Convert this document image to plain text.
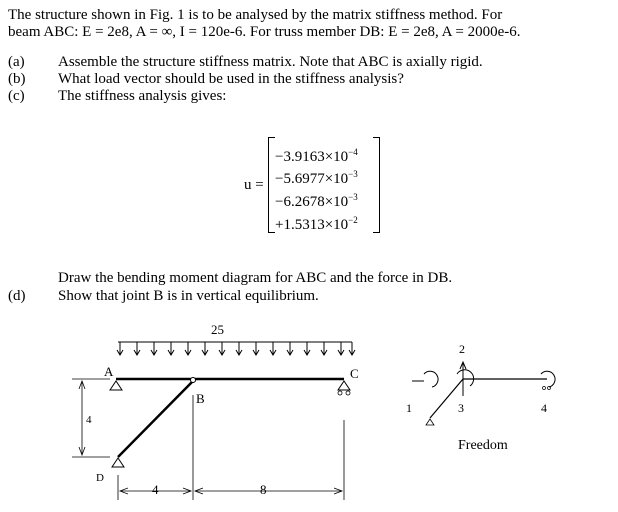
The structure shown in Fig. 1 is to be analysed by the matrix stiffness method. For
beam ABC: E = 2e8, A = ∞, I = 120e-6. For truss member DB: E = 2e8, A = 2000e-6.
(a) Assemble the structure stiffness matrix. Note that ABC is axially rigid.
(b) What load vector should be used in the stiffness analysis?
(c) The stiffness analysis gives:
u =
$-3.9163\times 10^{-4}$
$-5.6977\times 10^{-3}$
$-6.2678\times 10^{-3}$
$+1.5313\times 10^{-2}$
Draw the bending moment diagram for ABC and the force in DB.
(d) Show that joint B is in vertical equilibrium.
25
A
B
C
D
4
4	8
1
2
3	4
Freedom
